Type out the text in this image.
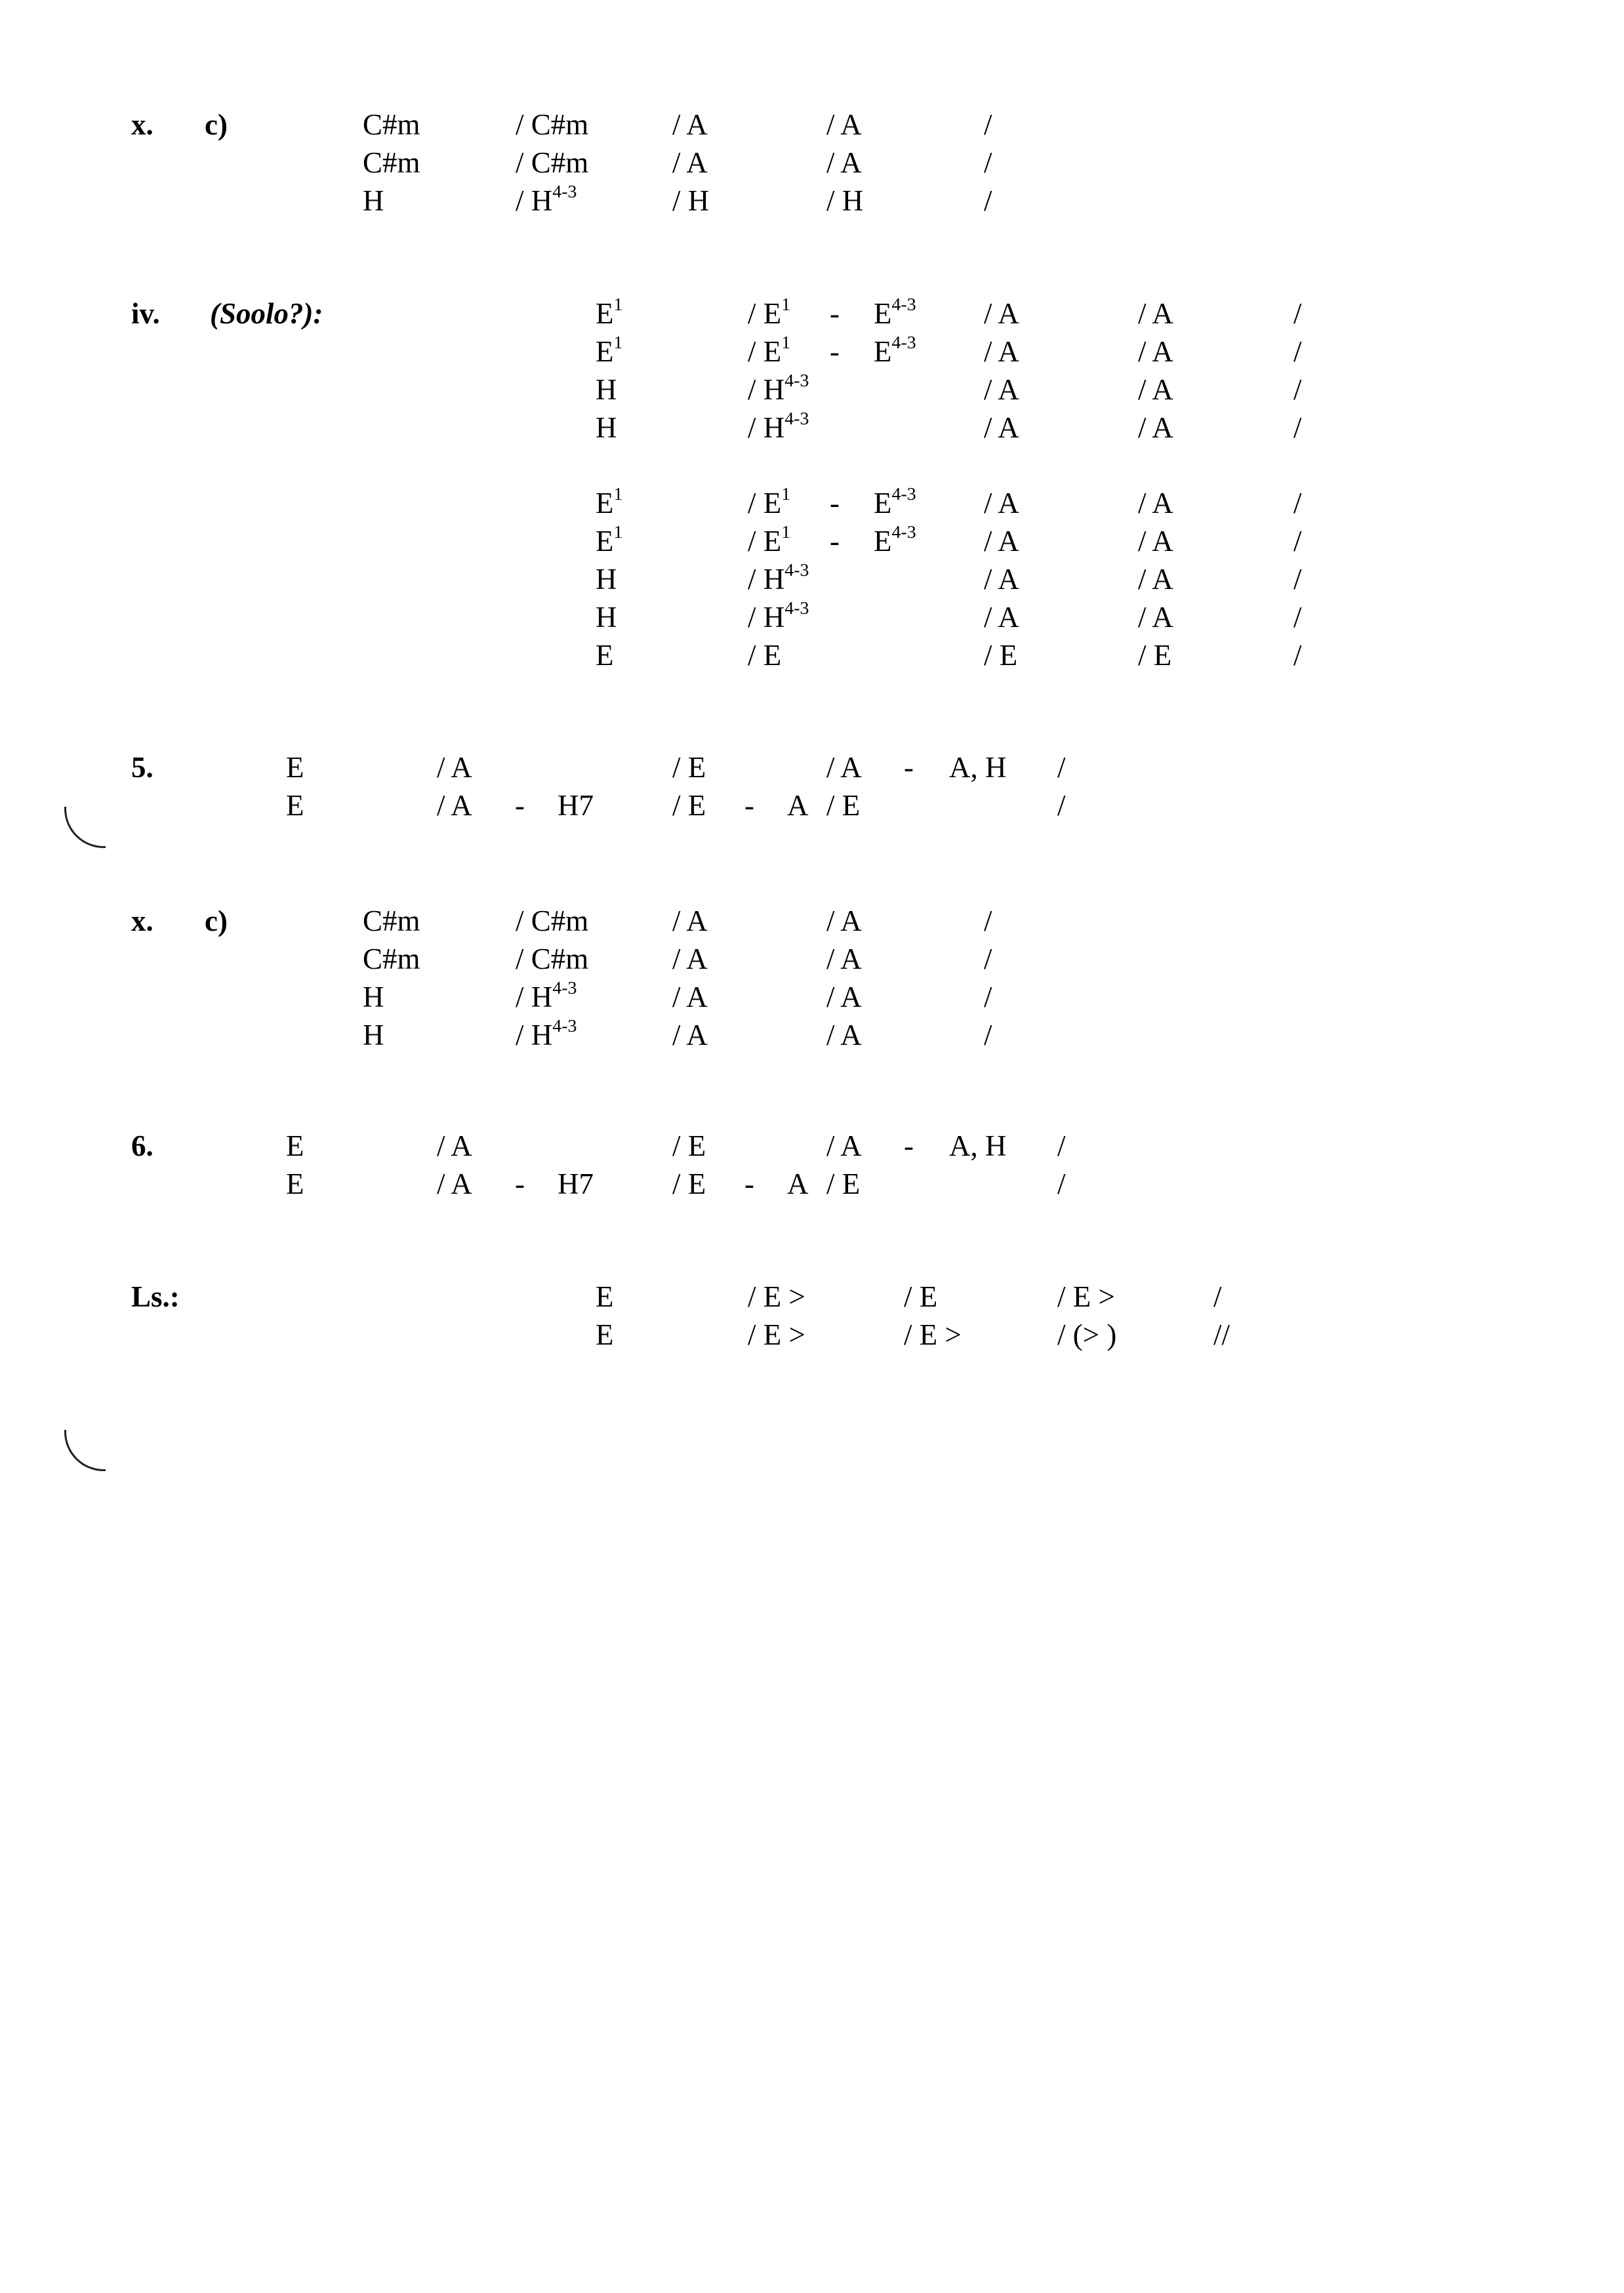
x. c)	C#m	/ C#m	/ A	/ A	/
C#m	/ C#m	/ A	/ A	/
H	/ $H^{4-3}$	/ H	/ H	/
iv. (Soolo?):	$E^1$	/ $E^1 - E^{4-3}$ / A	/ A	/
$E^1$	/ $E^1 - E^{4-3}$ / A	/ A	/
H	/ $H^{4-3}$	/ A	/ A	/
H	/ $H^{4-3}$	/ A	/ A	/
$E^1$	/ $E^1 - E^{4-3}$ / A	/ A	/
$E^1$	/ $E^1 - E^{4-3}$ / A	/ A	/
H	/ $H^{4-3}$	/ A	/ A	/
H	/ $H^{4-3}$	/ A	/ A	/
E	/ E	/ E	/ E	/
5.	E	/ A	/ E	/ A - A, H /
E	/ A - H7	/ E - A / E	/
x. c)	C#m	/ C#m	/ A	/ A	/
C#m	/ C#m	/ A	/ A	/
H	/ $H^{4-3}$	/ A	/ A	/
H	/ $H^{4-3}$	/ A	/ A	/
6.	E	/ A	/ E	/ A - A, H /
E	/ A - H7	/ E - A / E	/
Ls.:	E	/ E >	/ E	/ E >	/
E	/ E >	/ E >	/ (> )	//
